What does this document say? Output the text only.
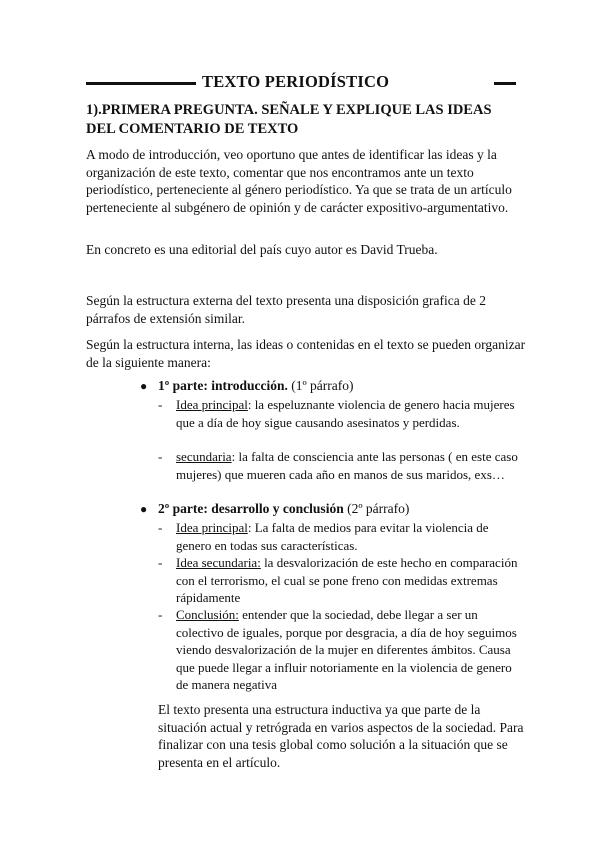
TEXTO PERIODÍSTICO
1).PRIMERA PREGUNTA. SEÑALE Y EXPLIQUE LAS IDEAS DEL COMENTARIO DE TEXTO
A modo de introducción, veo oportuno que antes de identificar las ideas y la organización de este texto, comentar que nos encontramos ante un texto periodístico, perteneciente al género periodístico. Ya que se trata de un artículo perteneciente al subgénero de opinión y de carácter expositivo-argumentativo.
En concreto es una editorial del país cuyo autor es David Trueba.
Según la estructura externa del texto presenta una disposición grafica de 2 párrafos de extensión similar.
Según la estructura interna, las ideas o contenidas en el texto se pueden organizar de la siguiente manera:
● 1º parte: introducción. (1º párrafo)
- Idea principal: la espeluznante violencia de genero hacia mujeres que a día de hoy sigue causando asesinatos y perdidas.
- secundaria: la falta de consciencia ante las personas ( en este caso mujeres) que mueren cada año en manos de sus maridos, exs…
● 2º parte: desarrollo y conclusión (2º párrafo)
- Idea principal: La falta de medios para evitar la violencia de genero en todas sus características.
- Idea secundaria: la desvalorización de este hecho en comparación con el terrorismo, el cual se pone freno con medidas extremas rápidamente
- Conclusión: entender que la sociedad, debe llegar a ser un colectivo de iguales, porque por desgracia, a día de hoy seguimos viendo desvalorización de la mujer en diferentes ámbitos. Causa que puede llegar a influir notoriamente en la violencia de genero de manera negativa
El texto presenta una estructura inductiva ya que parte de la situación actual y retrógrada en varios aspectos de la sociedad. Para finalizar con una tesis global como solución a la situación que se presenta en el artículo.
